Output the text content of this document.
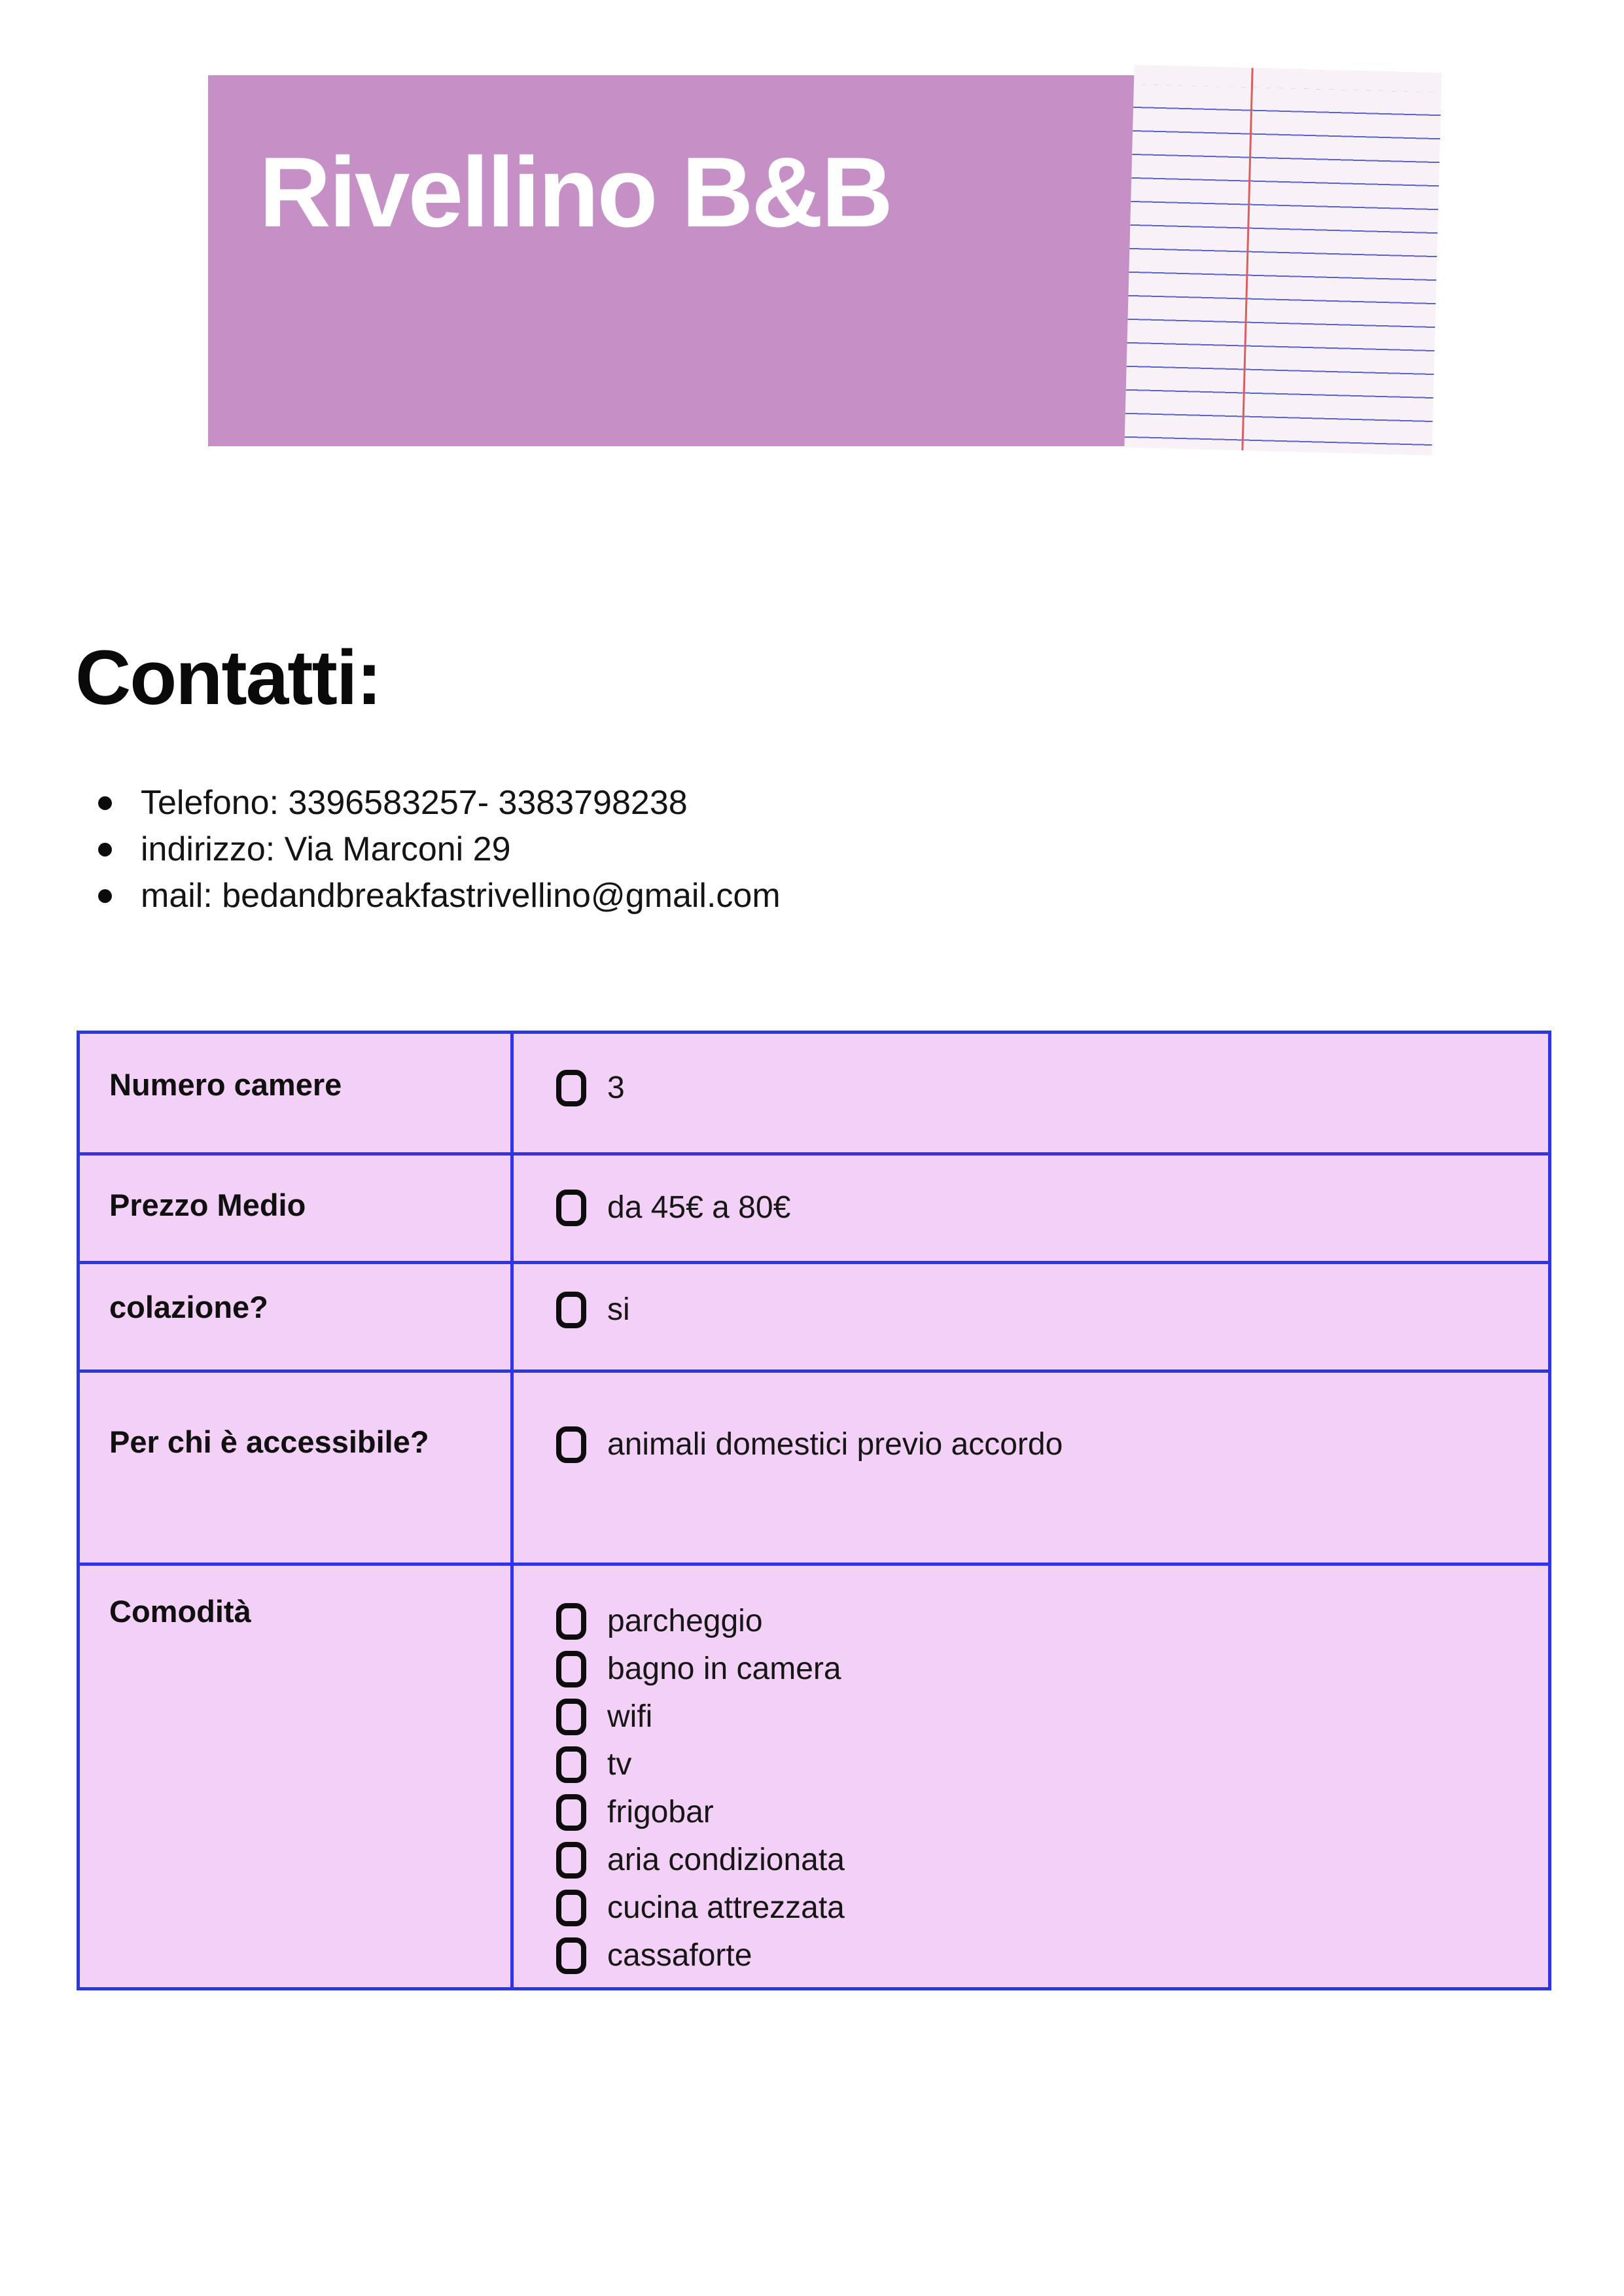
Rivellino B&B
Contatti:
Telefono: 3396583257- 3383798238
indirizzo: Via Marconi 29
mail: bedandbreakfastrivellino@gmail.com
Numero camere	3

Prezzo Medio	da 45€ a 80€

colazione?	si

Per chi è accessibile?	animali domestici previo accordo

Comodità	parcheggio
bagno in camera
wifi
tv
frigobar
aria condizionata
cucina attrezzata
cassaforte
